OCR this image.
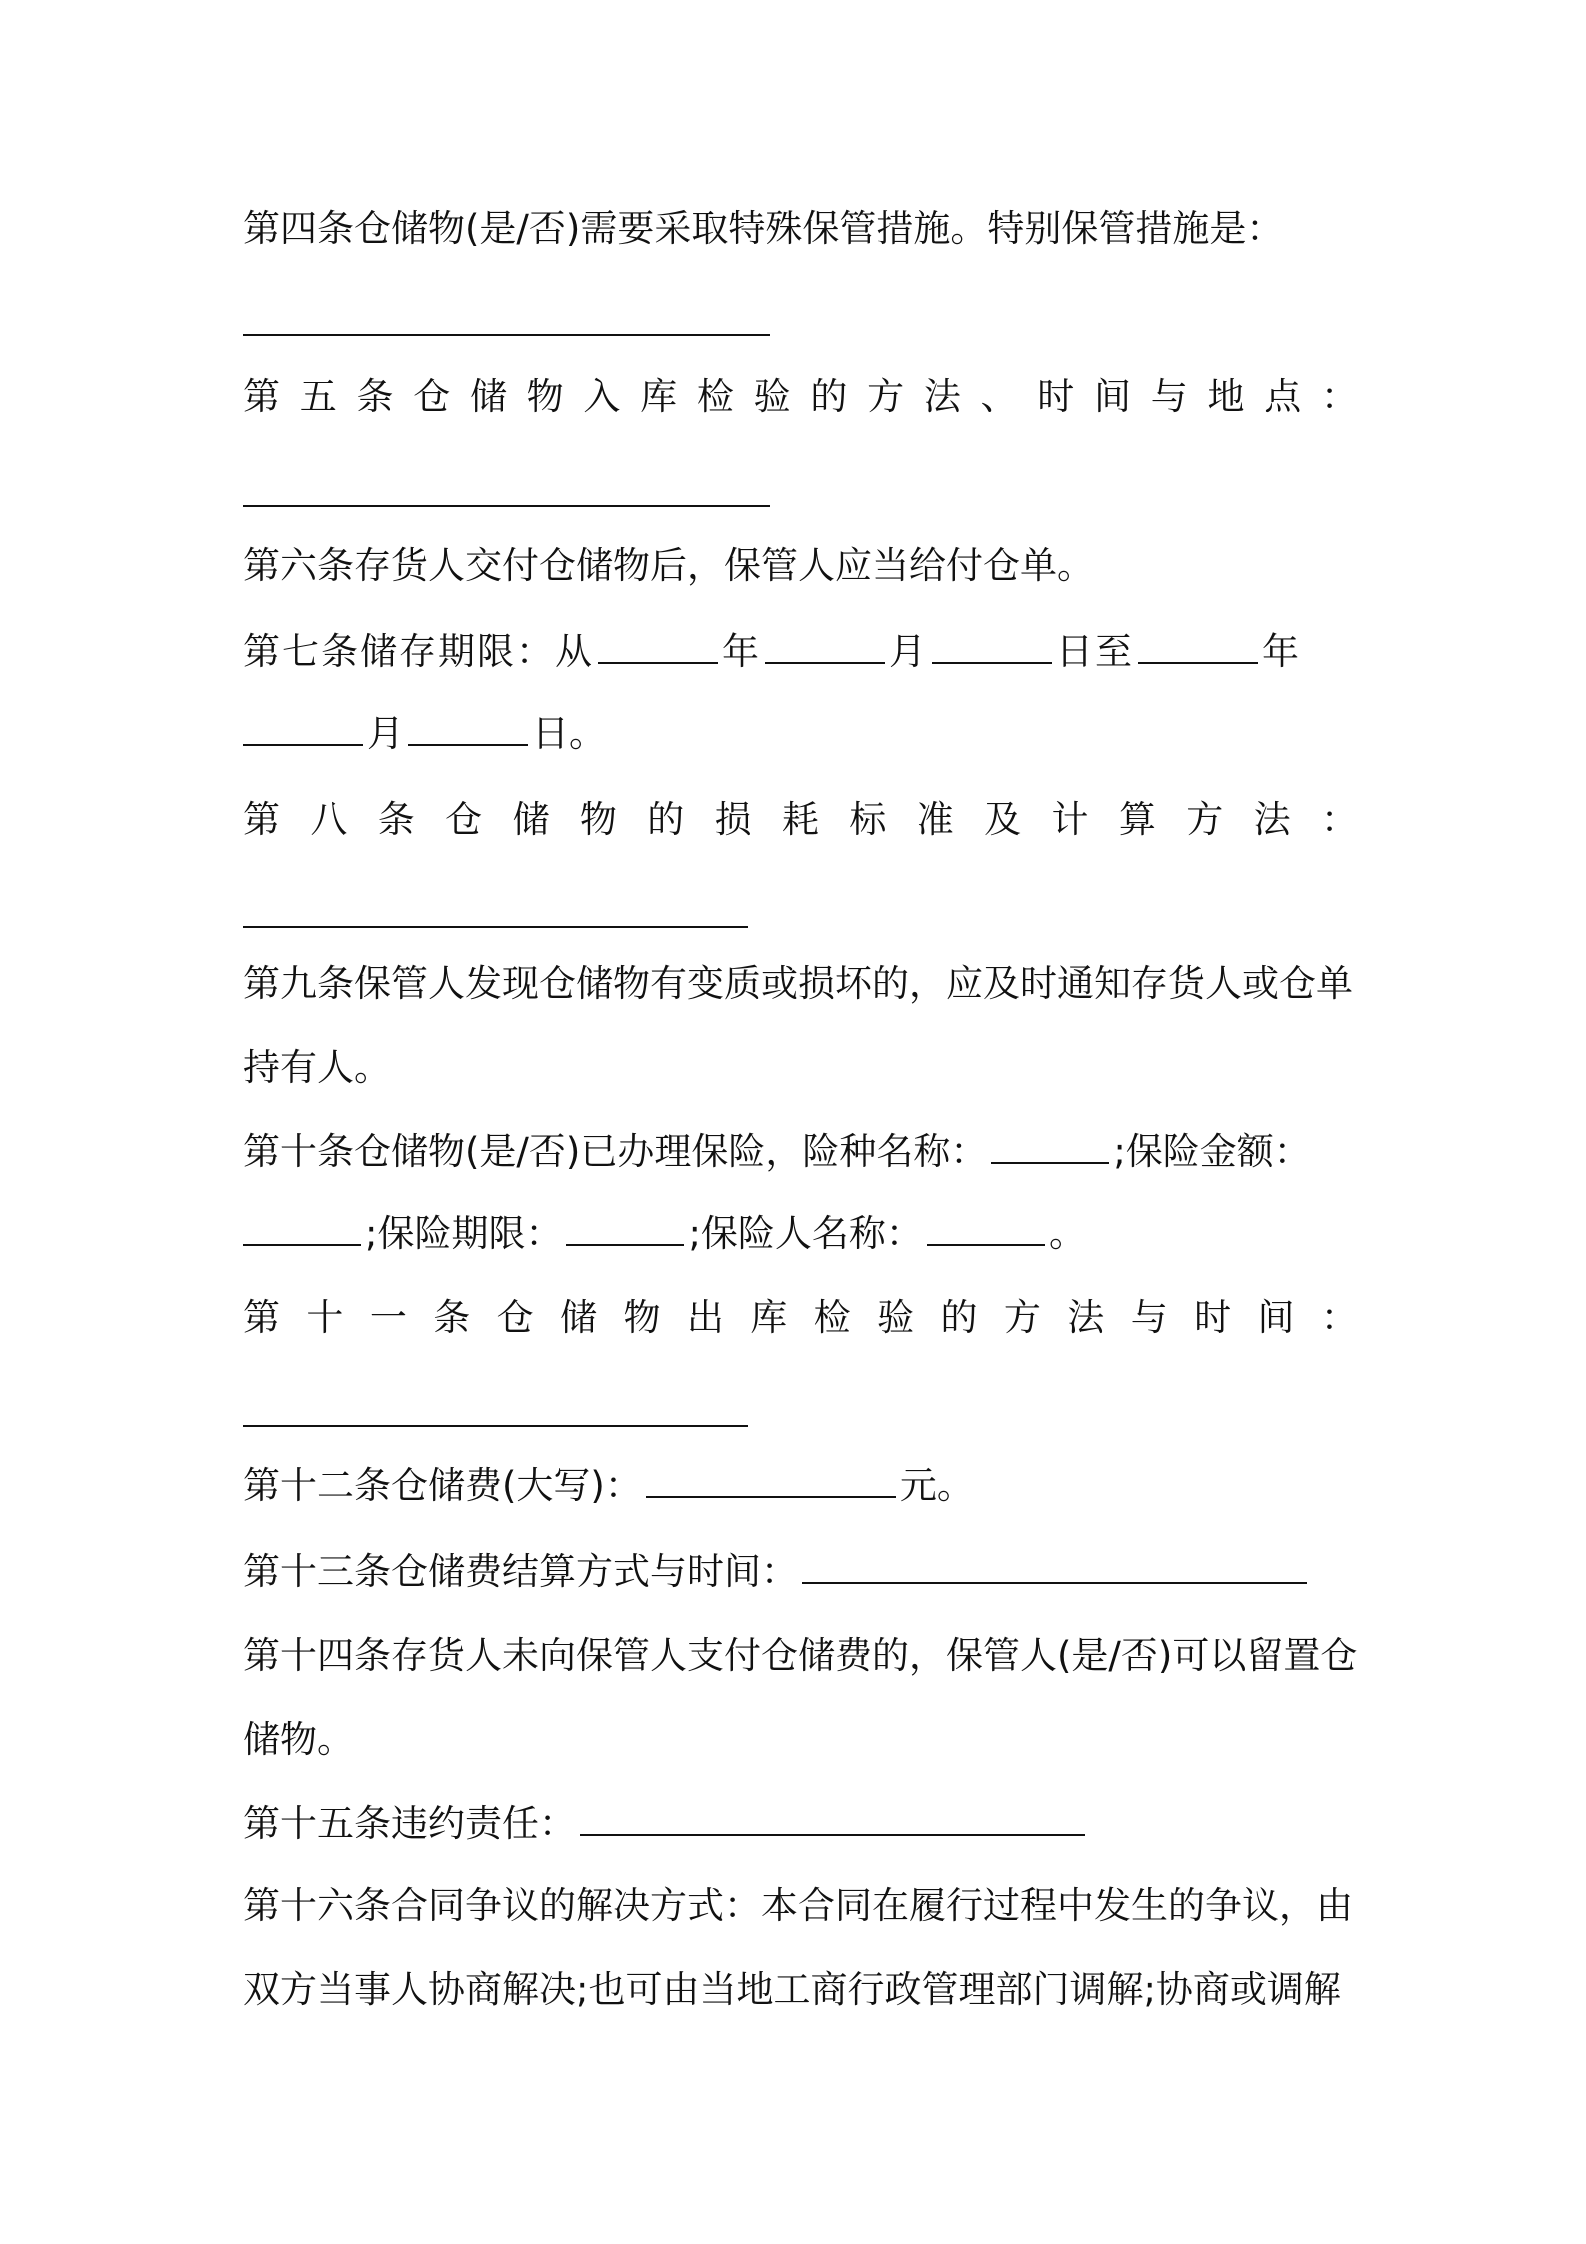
第四条仓储物(是/否)需要采取特殊保管措施。特别保管措施是：
第 五 条 仓 储 物 入 库 检 验 的 方 法 、 时 间 与 地 点 ：
第六条存货人交付仓储物后，保管人应当给付仓单。
第七条储存期限：从	年	月	日至	年
月	日。
第 八 条 仓 储 物 的 损 耗 标 准 及 计 算 方 法 ：
第九条保管人发现仓储物有变质或损坏的，应及时通知存货人或仓单
持有人。
第十条仓储物(是/否)已办理保险，险种名称：	;保险金额：
;保险期限：	;保险人名称：	。
第 十 一 条 仓 储 物 出 库 检 验 的 方 法 与 时 间 ：
第十二条仓储费(大写)：	元。
第十三条仓储费结算方式与时间：
第十四条存货人未向保管人支付仓储费的，保管人(是/否)可以留置仓
储物。
第十五条违约责任：
第十六条合同争议的解决方式：本合同在履行过程中发生的争议，由
双方当事人协商解决;也可由当地工商行政管理部门调解;协商或调解
